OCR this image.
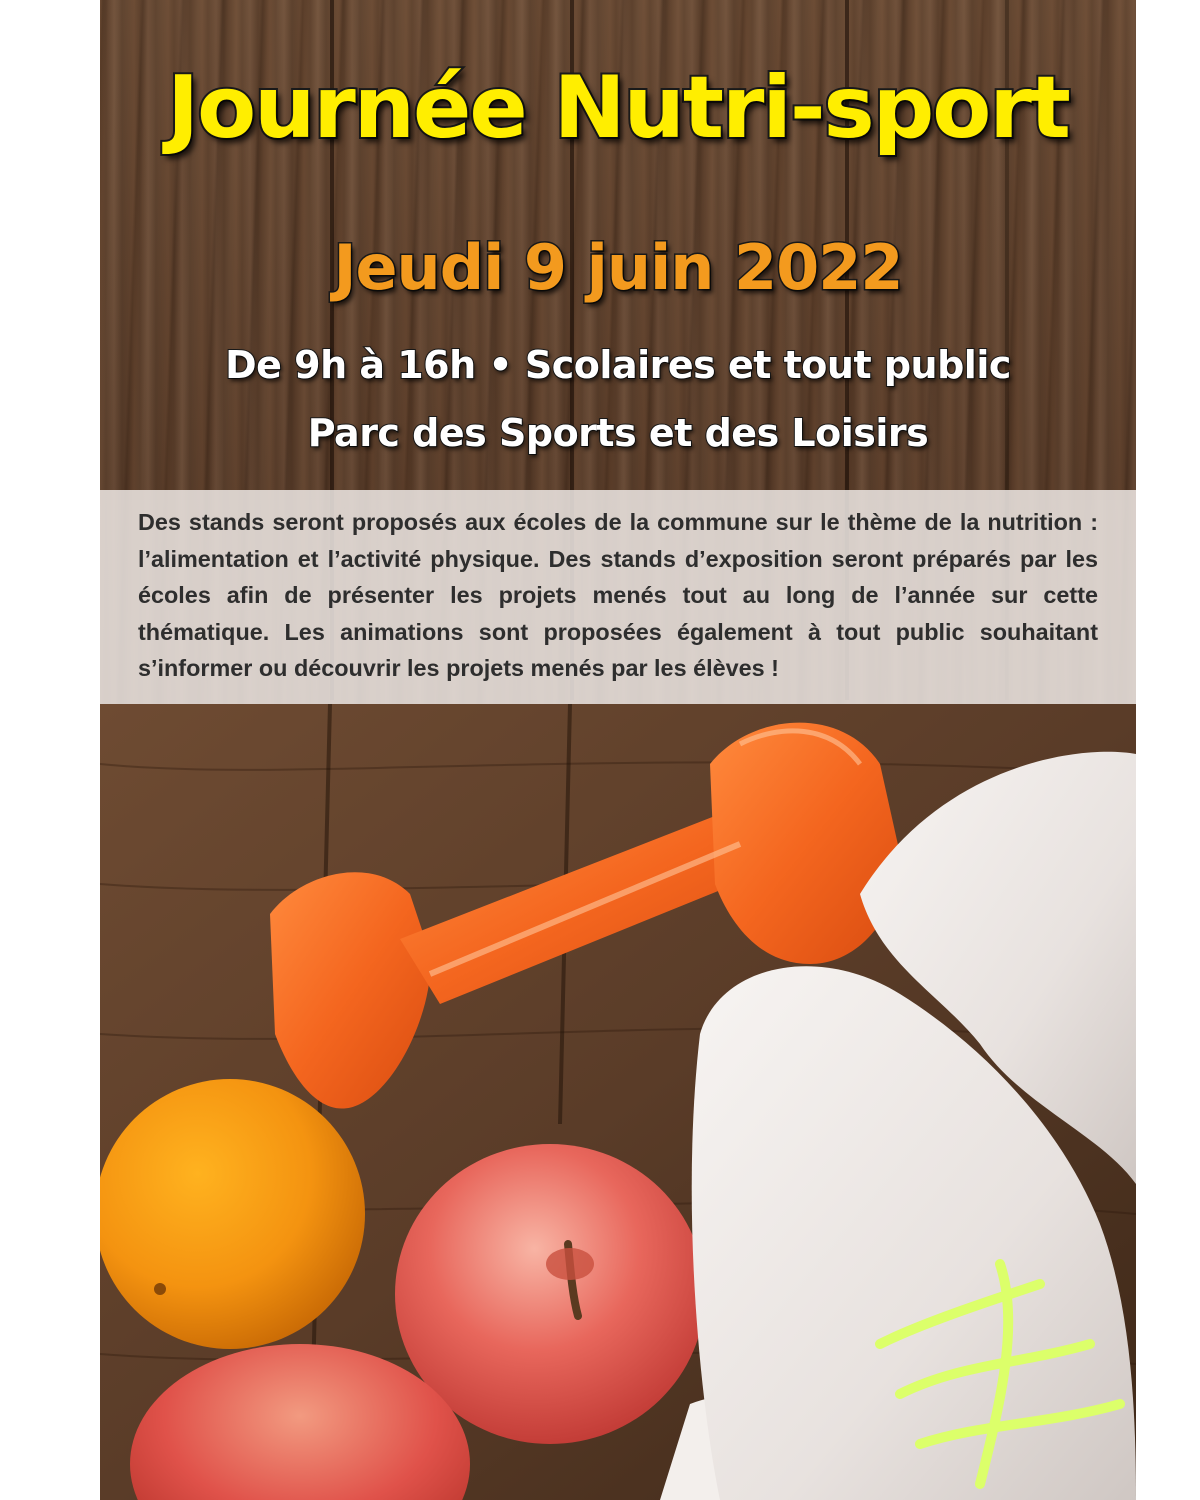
Journée Nutri-sport
Jeudi 9 juin 2022
De 9h à 16h • Scolaires et tout public
Parc des Sports et des Loisirs

Des stands seront proposés aux écoles de la commune sur le thème de la nutrition : l’alimentation et l’activité physique. Des stands d’exposition seront préparés par les écoles afin de présenter les projets menés tout au long de l’année sur cette thématique. Les animations sont proposées également à tout public souhaitant s’informer ou découvrir les projets menés par les élèves !
